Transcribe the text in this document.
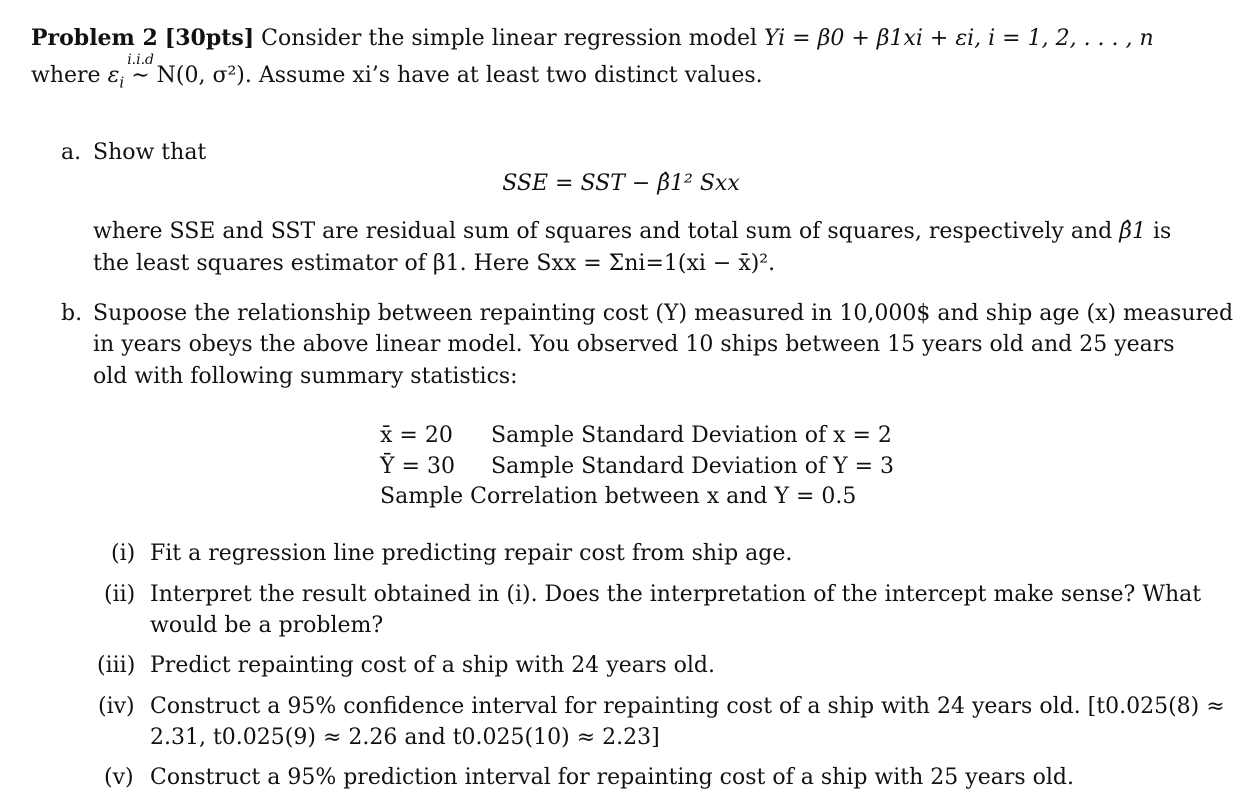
Problem 2 [30pts] Consider the simple linear regression model Yi = β0 + β1xi + εi, i = 1, 2, . . . , n
where $\varepsilon_i$
i.i.d
∼ N(0, σ²). Assume xi’s have at least two distinct values.
a. Show that
SSE = SST − β̂1² Sxx
where SSE and SST are residual sum of squares and total sum of squares, respectively and β̂1 is
the least squares estimator of β1. Here Sxx = Σni=1(xi − x̄)².
b. Supoose the relationship between repainting cost (Y) measured in 10,000$ and ship age (x) measured
in years obeys the above linear model. You observed 10 ships between 15 years old and 25 years
old with following summary statistics:
x̄ = 20 Sample Standard Deviation of x = 2
Ȳ = 30 Sample Standard Deviation of Y = 3
Sample Correlation between x and Y = 0.5
(i) Fit a regression line predicting repair cost from ship age.
(ii) Interpret the result obtained in (i). Does the interpretation of the intercept make sense? What
would be a problem?
(iii) Predict repainting cost of a ship with 24 years old.
(iv) Construct a 95% confidence interval for repainting cost of a ship with 24 years old. [t0.025(8) ≈
2.31, t0.025(9) ≈ 2.26 and t0.025(10) ≈ 2.23]
(v) Construct a 95% prediction interval for repainting cost of a ship with 25 years old.
